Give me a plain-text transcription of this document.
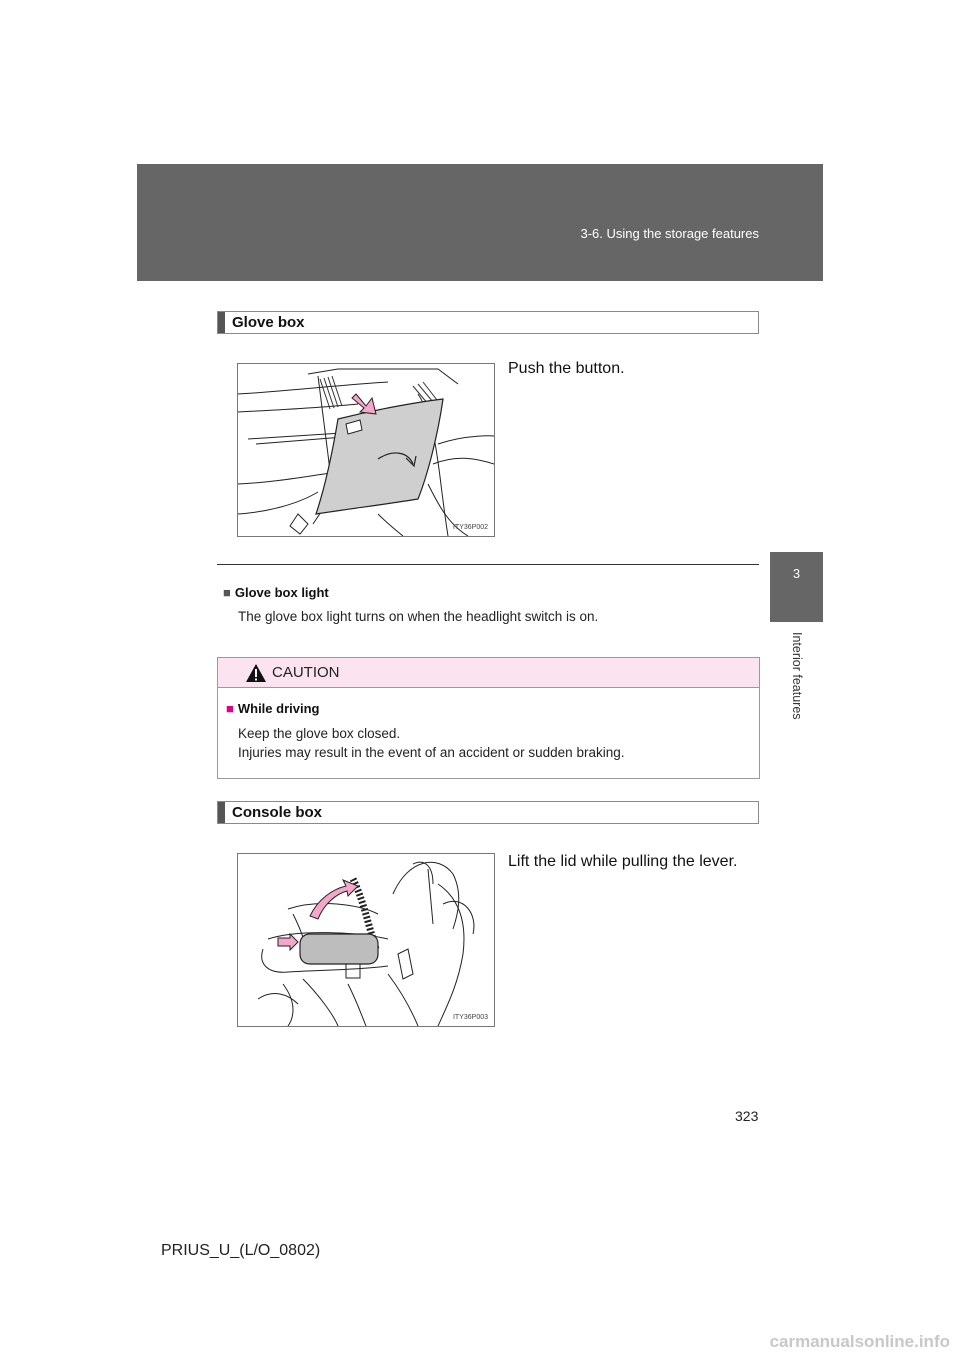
3-6. Using the storage features
3
Interior features
Glove box
Push the button.
ITY36P002
■ Glove box light
The glove box light turns on when the headlight switch is on.
CAUTION
■ While driving
Keep the glove box closed.
Injuries may result in the event of an accident or sudden braking.
Console box
Lift the lid while pulling the lever.
ITY36P003
323
PRIUS_U_(L/O_0802)
carmanualsonline.info
